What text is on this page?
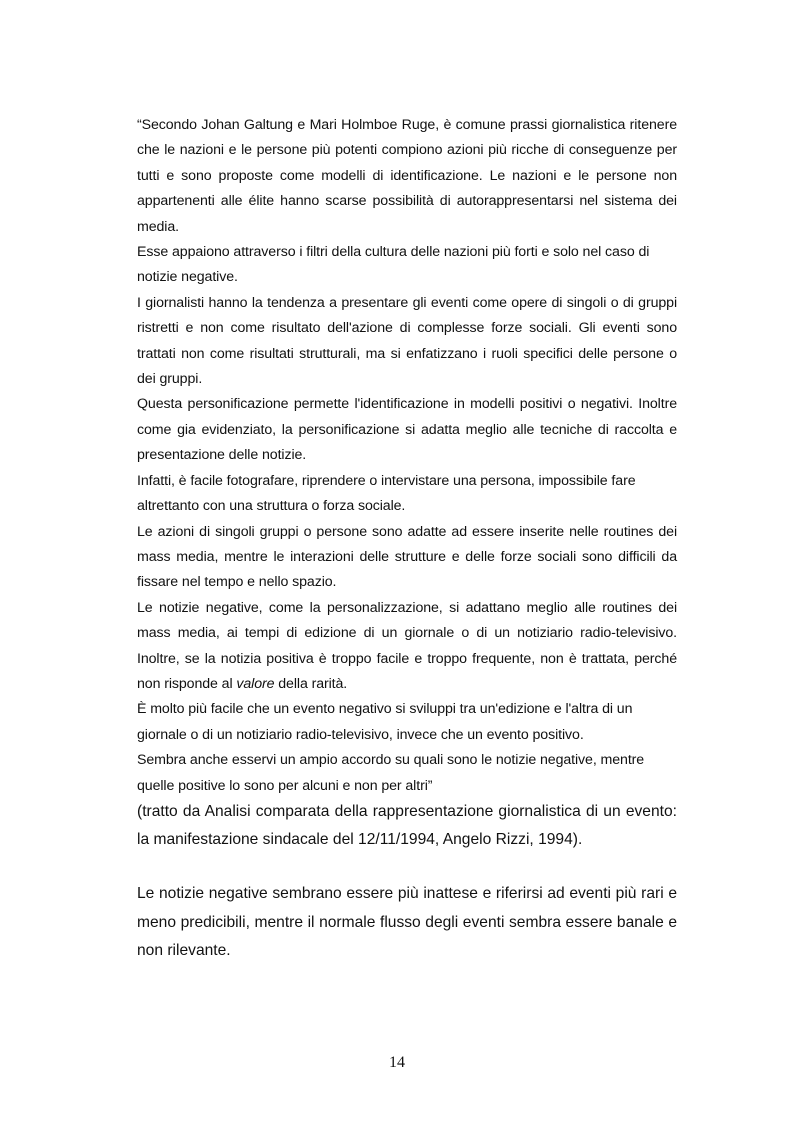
“Secondo Johan Galtung e Mari Holmboe Ruge, è comune prassi giornalistica ritenere che le nazioni e le persone più potenti compiono azioni più ricche di conseguenze per tutti e sono proposte come modelli di identificazione. Le nazioni e le persone non appartenenti alle élite hanno scarse possibilità di autorappresentarsi nel sistema dei media.

Esse appaiono attraverso i filtri della cultura delle nazioni più forti e solo nel caso di notizie negative.

I giornalisti hanno la tendenza a presentare gli eventi come opere di singoli o di gruppi ristretti e non come risultato dell'azione di complesse forze sociali. Gli eventi sono trattati non come risultati strutturali, ma si enfatizzano i ruoli specifici delle persone o dei gruppi.

Questa personificazione permette l'identificazione in modelli positivi o negativi. Inoltre come gia evidenziato, la personificazione si adatta meglio alle tecniche di raccolta e presentazione delle notizie.

Infatti, è facile fotografare, riprendere o intervistare una persona, impossibile fare altrettanto con una struttura o forza sociale.

Le azioni di singoli gruppi o persone sono adatte ad essere inserite nelle routines dei mass media, mentre le interazioni delle strutture e delle forze sociali sono difficili da fissare nel tempo e nello spazio.

Le notizie negative, come la personalizzazione, si adattano meglio alle routines dei mass media, ai tempi di edizione di un giornale o di un notiziario radio-televisivo. Inoltre, se la notizia positiva è troppo facile e troppo frequente, non è trattata, perché non risponde al valore della rarità.

È molto più facile che un evento negativo si sviluppi tra un'edizione e l'altra di un giornale o di un notiziario radio-televisivo, invece che un evento positivo.

Sembra anche esservi un ampio accordo su quali sono le notizie negative, mentre
quelle positive lo sono per alcuni e non per altri”

(tratto da Analisi comparata della rappresentazione giornalistica di un evento: la manifestazione sindacale del 12/11/1994, Angelo Rizzi, 1994).

Le notizie negative sembrano essere più inattese e riferirsi ad eventi più rari e meno predicibili, mentre il normale flusso degli eventi sembra essere banale e non rilevante.

14
